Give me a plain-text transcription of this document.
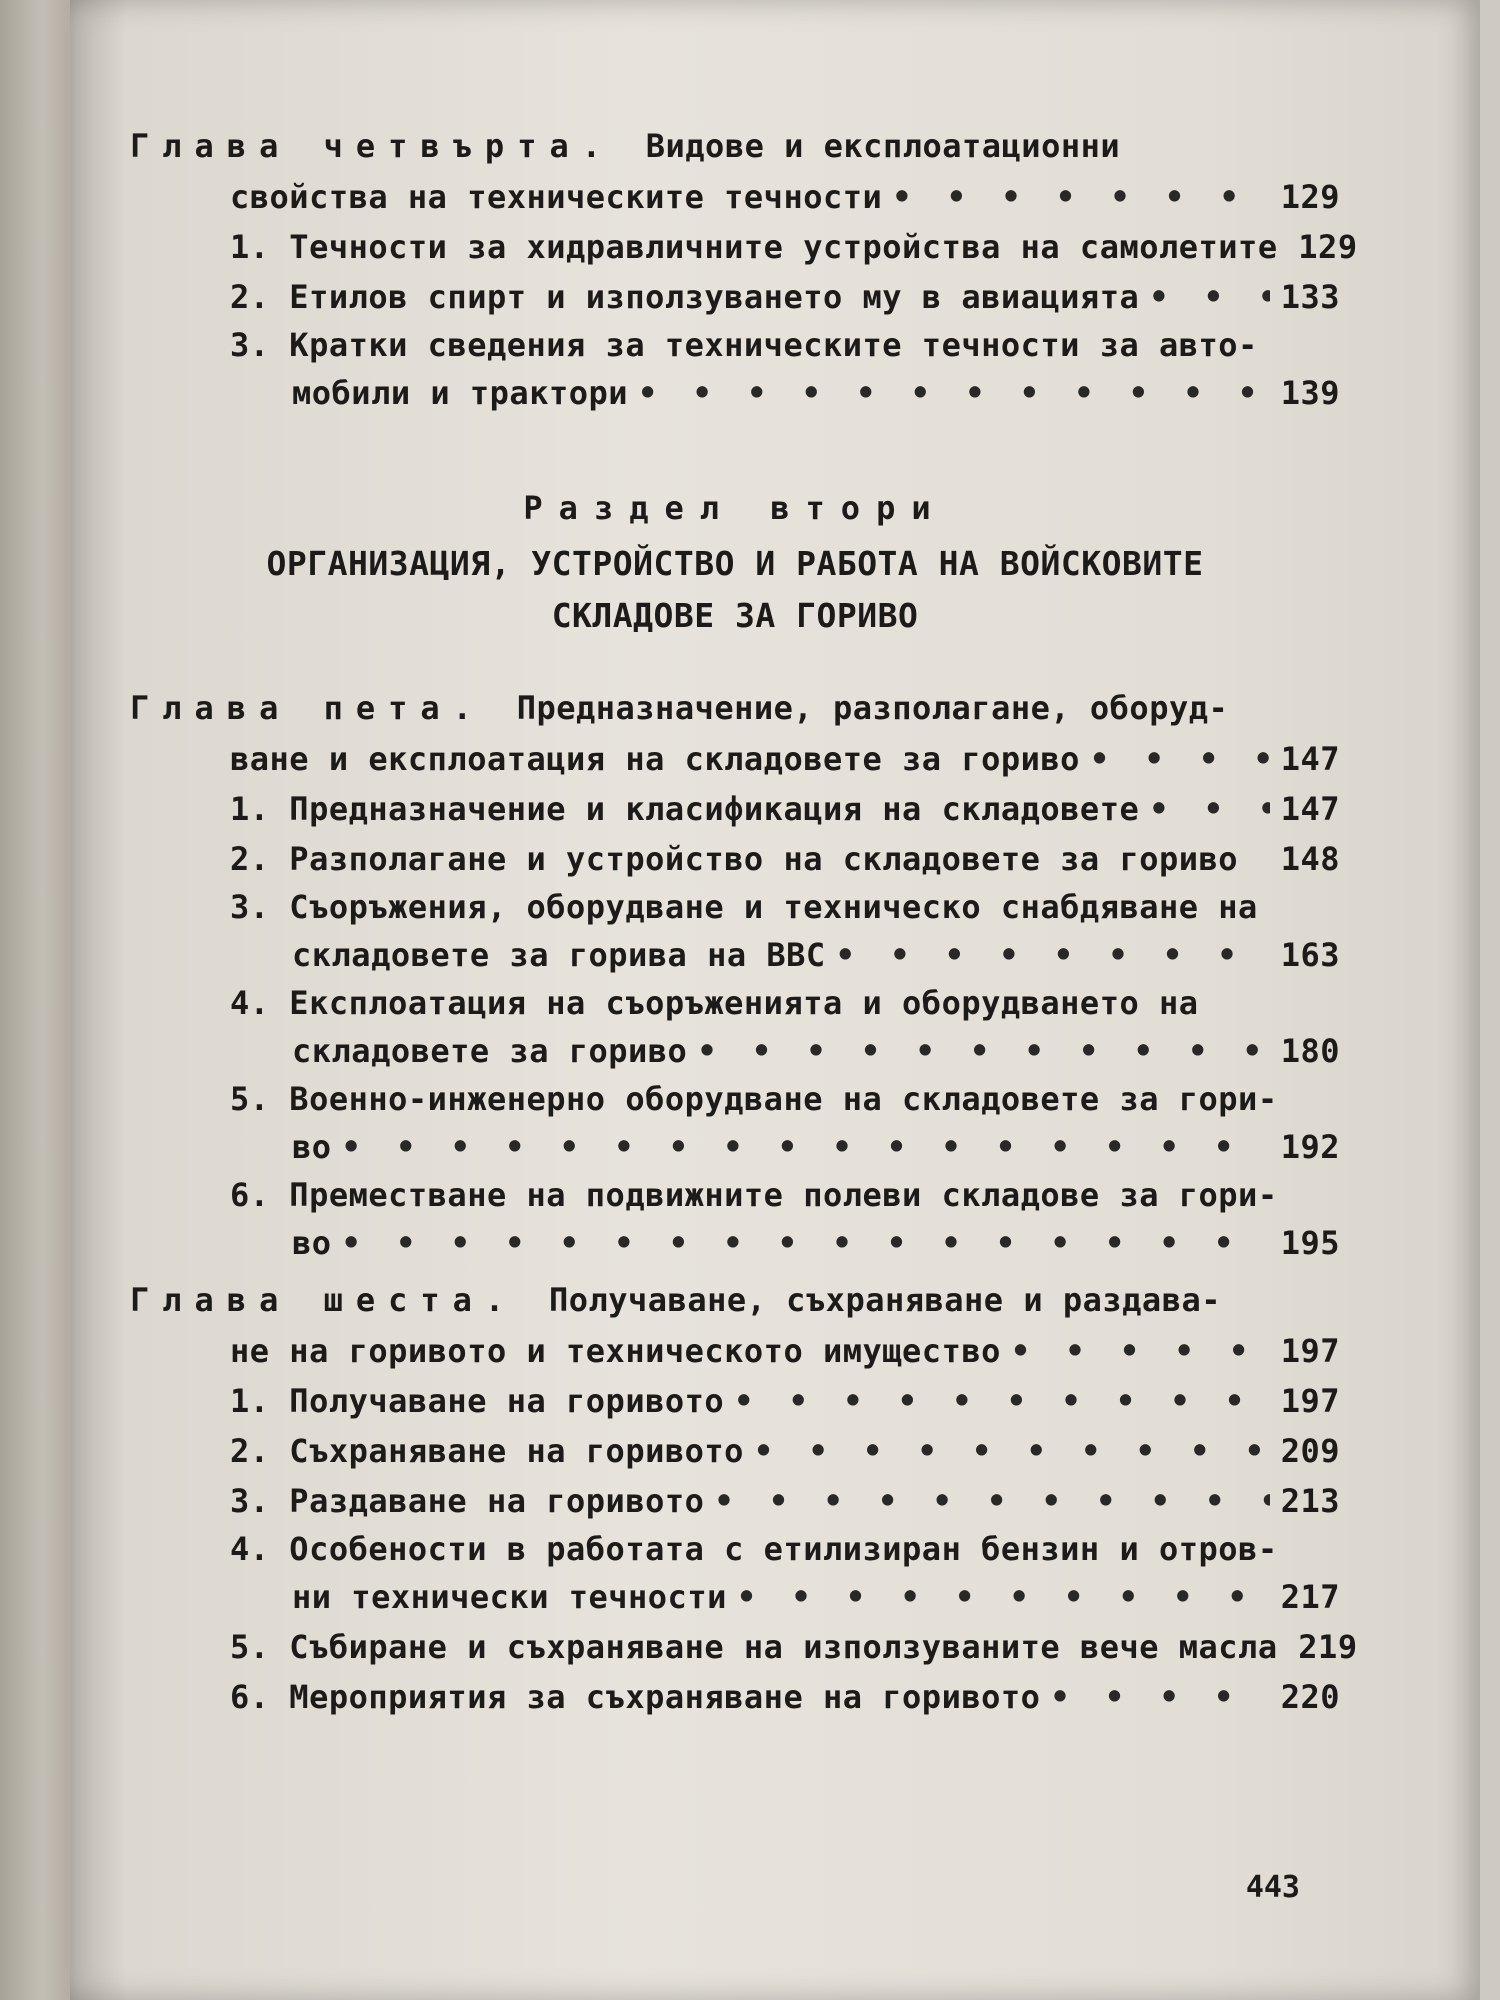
Глава четвърта. Видове и експлоатационни
свойства на техническите течности • • •	129
1. Течности за хидравличните устройства на самолетите 129
2. Етилов спирт и използуването му в авиацията • • •	133
3. Кратки сведения за техническите течности за авто-
мобили и трактори • • •	139
Раздел втори
ОРГАНИЗАЦИЯ, УСТРОЙСТВО И РАБОТА НА ВОЙСКОВИТЕ
СКЛАДОВЕ ЗА ГОРИВО
Глава пета. Предназначение, разполагане, оборуд-
ване и експлоатация на складовете за гориво • • •	147
1. Предназначение и класификация на складовете • • •	147
2. Разполагане и устройство на складовете за гориво 148
3. Съоръжения, оборудване и техническо снабдяване на
складовете за горива на ВВС • • •	163
4. Експлоатация на съоръженията и оборудването на
складовете за гориво • • •	180
5. Военно-инженерно оборудване на складовете за гори-
во • • •	192
6. Преместване на подвижните полеви складове за гори-
во • • •	195
Глава шеста. Получаване, съхраняване и раздава-
не на горивото и техническото имущество • • •	197
1. Получаване на горивото • • •	197
2. Съхраняване на горивото • • •	209
3. Раздаване на горивото • • •	213
4. Особености в работата с етилизиран бензин и отров-
ни технически течности • • •	217
5. Събиране и съхраняване на използуваните вече масла 219
6. Мероприятия за съхраняване на горивото • • •	220
443
